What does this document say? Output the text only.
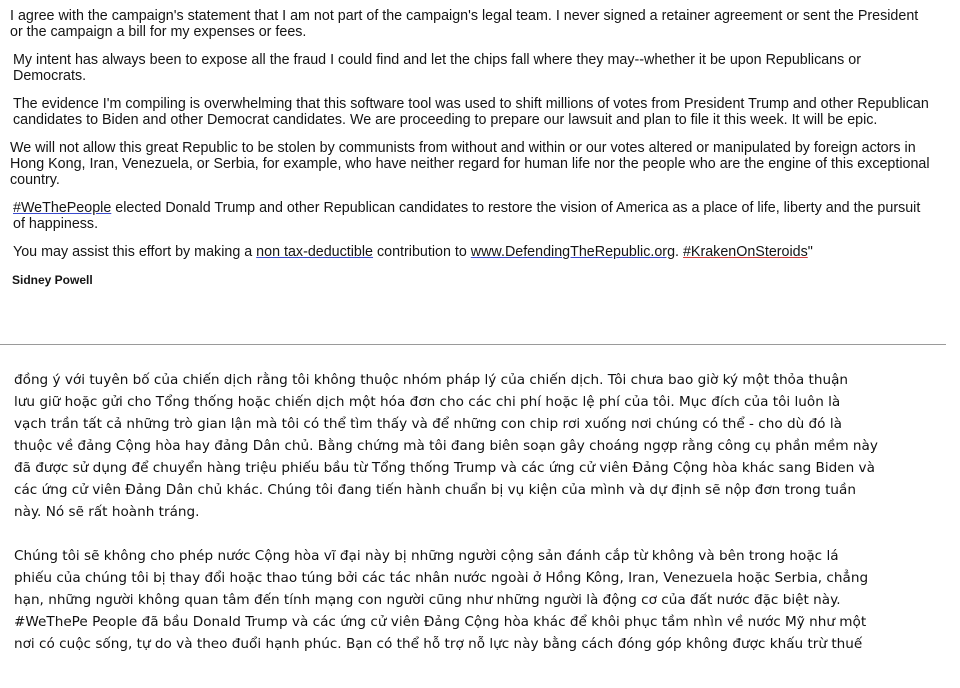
I agree with the campaign's statement that I am not part of the campaign's legal team. I never signed a retainer agreement or sent the President or the campaign a bill for my expenses or fees.

My intent has always been to expose all the fraud I could find and let the chips fall where they may--whether it be upon Republicans or Democrats.

The evidence I'm compiling is overwhelming that this software tool was used to shift millions of votes from President Trump and other Republican candidates to Biden and other Democrat candidates. We are proceeding to prepare our lawsuit and plan to file it this week. It will be epic.

We will not allow this great Republic to be stolen by communists from without and within or our votes altered or manipulated by foreign actors in Hong Kong, Iran, Venezuela, or Serbia, for example, who have neither regard for human life nor the people who are the engine of this exceptional country.

#WeThePeople elected Donald Trump and other Republican candidates to restore the vision of America as a place of life, liberty and the pursuit of happiness.

You may assist this effort by making a non tax-deductible contribution to www.DefendingTheRepublic.org. #KrakenOnSteroids"

Sidney Powell

đồng ý với tuyên bố của chiến dịch rằng tôi không thuộc nhóm pháp lý của chiến dịch. Tôi chưa bao giờ ký một thỏa thuận
lưu giữ hoặc gửi cho Tổng thống hoặc chiến dịch một hóa đơn cho các chi phí hoặc lệ phí của tôi. Mục đích của tôi luôn là
vạch trần tất cả những trò gian lận mà tôi có thể tìm thấy và để những con chip rơi xuống nơi chúng có thể - cho dù đó là
thuộc về đảng Cộng hòa hay đảng Dân chủ. Bằng chứng mà tôi đang biên soạn gây choáng ngợp rằng công cụ phần mềm này
đã được sử dụng để chuyển hàng triệu phiếu bầu từ Tổng thống Trump và các ứng cử viên Đảng Cộng hòa khác sang Biden và
các ứng cử viên Đảng Dân chủ khác. Chúng tôi đang tiến hành chuẩn bị vụ kiện của mình và dự định sẽ nộp đơn trong tuần
này. Nó sẽ rất hoành tráng.

Chúng tôi sẽ không cho phép nước Cộng hòa vĩ đại này bị những người cộng sản đánh cắp từ không và bên trong hoặc lá
phiếu của chúng tôi bị thay đổi hoặc thao túng bởi các tác nhân nước ngoài ở Hồng Kông, Iran, Venezuela hoặc Serbia, chẳng
hạn, những người không quan tâm đến tính mạng con người cũng như những người là động cơ của đất nước đặc biệt này.
#WeThePe People đã bầu Donald Trump và các ứng cử viên Đảng Cộng hòa khác để khôi phục tầm nhìn về nước Mỹ như một
nơi có cuộc sống, tự do và theo đuổi hạnh phúc. Bạn có thể hỗ trợ nỗ lực này bằng cách đóng góp không được khấu trừ thuế
